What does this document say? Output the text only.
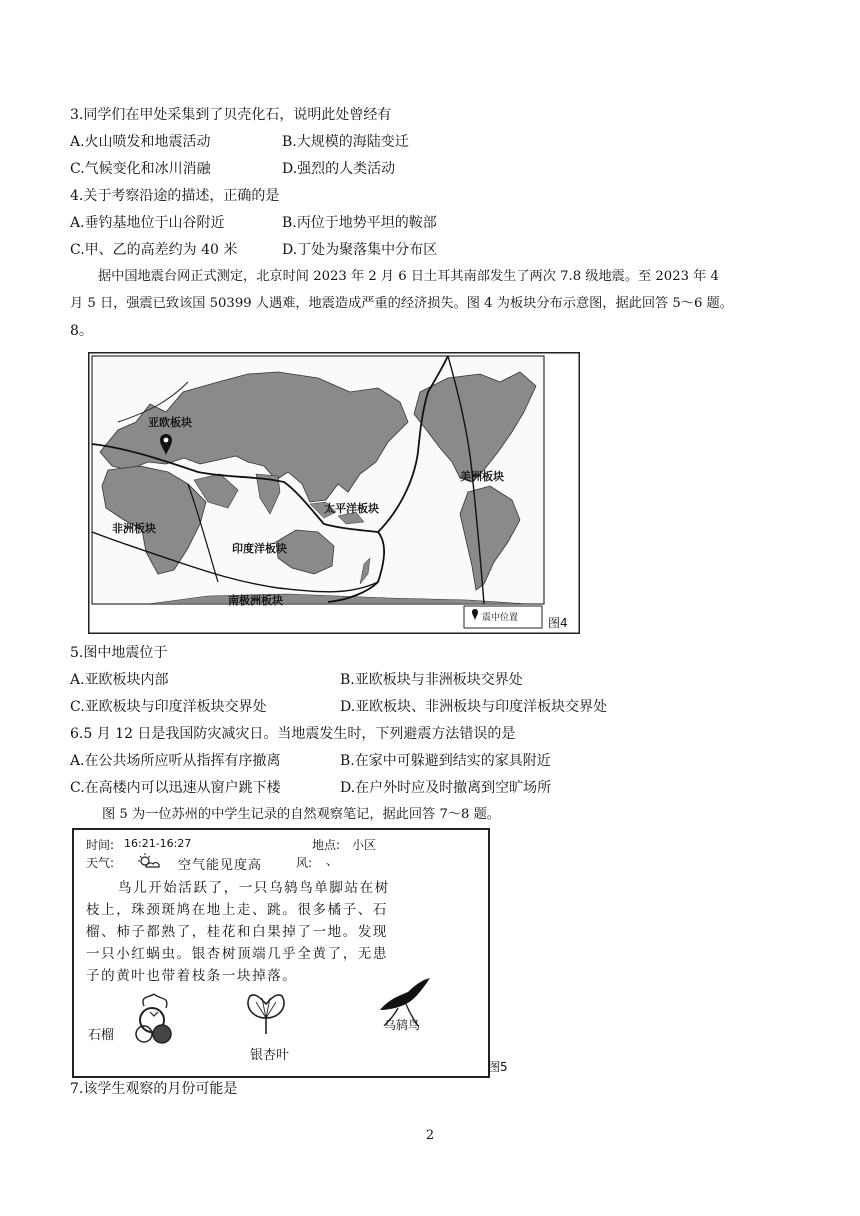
3.同学们在甲处采集到了贝壳化石，说明此处曾经有
A.火山喷发和地震活动	B.大规模的海陆变迁
C.气候变化和冰川消融	D.强烈的人类活动
4.关于考察沿途的描述，正确的是
A.垂钓基地位于山谷附近	B.丙位于地势平坦的鞍部
C.甲、乙的高差约为 40 米	D.丁处为聚落集中分布区
据中国地震台网正式测定，北京时间 2023 年 2 月 6 日土耳其南部发生了两次 7.8 级地震。至 2023 年 4
月 5 日，强震已致该国 50399 人遇难，地震造成严重的经济损失。图 4 为板块分布示意图，据此回答 5～6 题。
8。
亚欧板块
美洲板块
太平洋板块
非洲板块
印度洋板块
南极洲板块
震中位置 图4
5.图中地震位于
A.亚欧板块内部	B.亚欧板块与非洲板块交界处
C.亚欧板块与印度洋板块交界处	D.亚欧板块、非洲板块与印度洋板块交界处
6.5 月 12 日是我国防灾减灾日。当地震发生时，下列避震方法错误的是
A.在公共场所应听从指挥有序撤离	B.在家中可躲避到结实的家具附近
C.在高楼内可以迅速从窗户跳下楼	D.在户外时应及时撤离到空旷场所
图 5 为一位苏州的中学生记录的自然观察笔记，据此回答 7～8 题。
时间: 16:21-16:27	地点: 小区
天气:	空气能见度高	风: 、
鸟儿开始活跃了，一只乌鸫鸟单脚站在树
枝上，珠颈斑鸠在地上走、跳。很多橘子、石
榴、柿子都熟了，桂花和白果掉了一地。发现
一只小红蜗虫。银杏树顶端几乎全黄了，无患
子的黄叶也带着枝条一块掉落。
石榴
银杏叶
乌鸫鸟
图5
7.该学生观察的月份可能是
2
